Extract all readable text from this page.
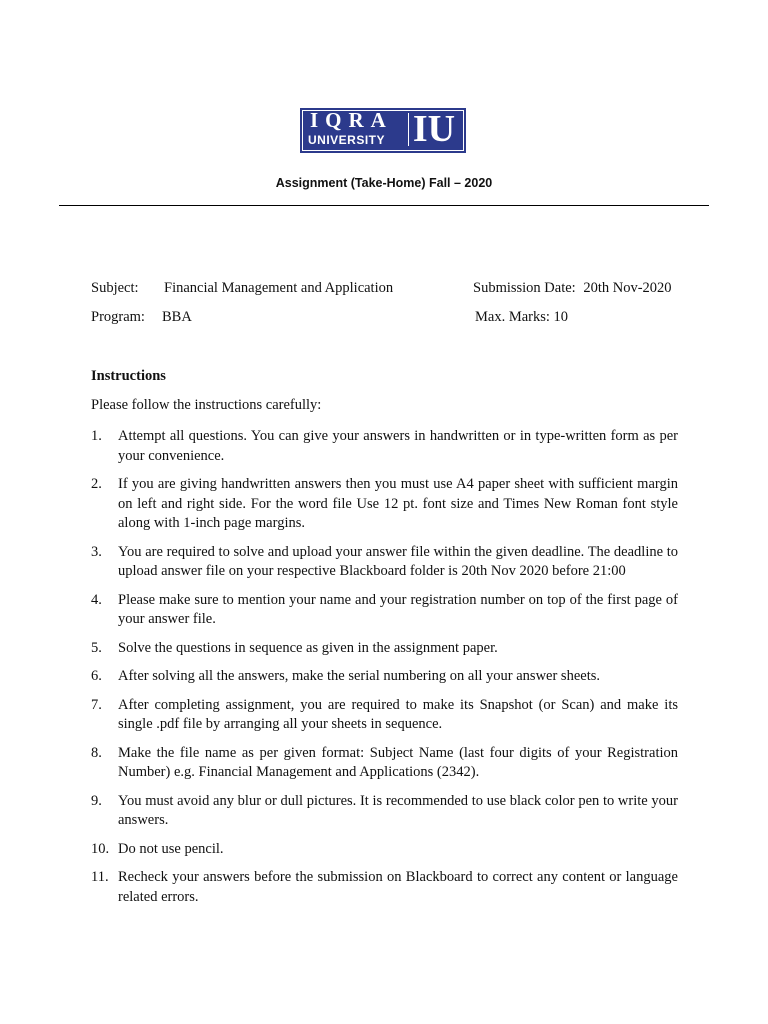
IQRA
UNIVERSITY IU
Assignment (Take-Home) Fall – 2020
Subject: Financial Management and Application	Submission Date: 20th Nov-2020
Program: BBA	Max. Marks: 10
Instructions
Please follow the instructions carefully:
1. Attempt all questions. You can give your answers in handwritten or in type-written form as per your convenience.
2. If you are giving handwritten answers then you must use A4 paper sheet with sufficient margin on left and right side. For the word file Use 12 pt. font size and Times New Roman font style along with 1-inch page margins.
3. You are required to solve and upload your answer file within the given deadline. The deadline to upload answer file on your respective Blackboard folder is 20th Nov 2020 before 21:00
4. Please make sure to mention your name and your registration number on top of the first page of your answer file.
5. Solve the questions in sequence as given in the assignment paper.
6. After solving all the answers, make the serial numbering on all your answer sheets.
7. After completing assignment, you are required to make its Snapshot (or Scan) and make its single .pdf file by arranging all your sheets in sequence.
8. Make the file name as per given format: Subject Name (last four digits of your Registration Number) e.g. Financial Management and Applications (2342).
9. You must avoid any blur or dull pictures. It is recommended to use black color pen to write your answers.
10. Do not use pencil.
11. Recheck your answers before the submission on Blackboard to correct any content or language related errors.
